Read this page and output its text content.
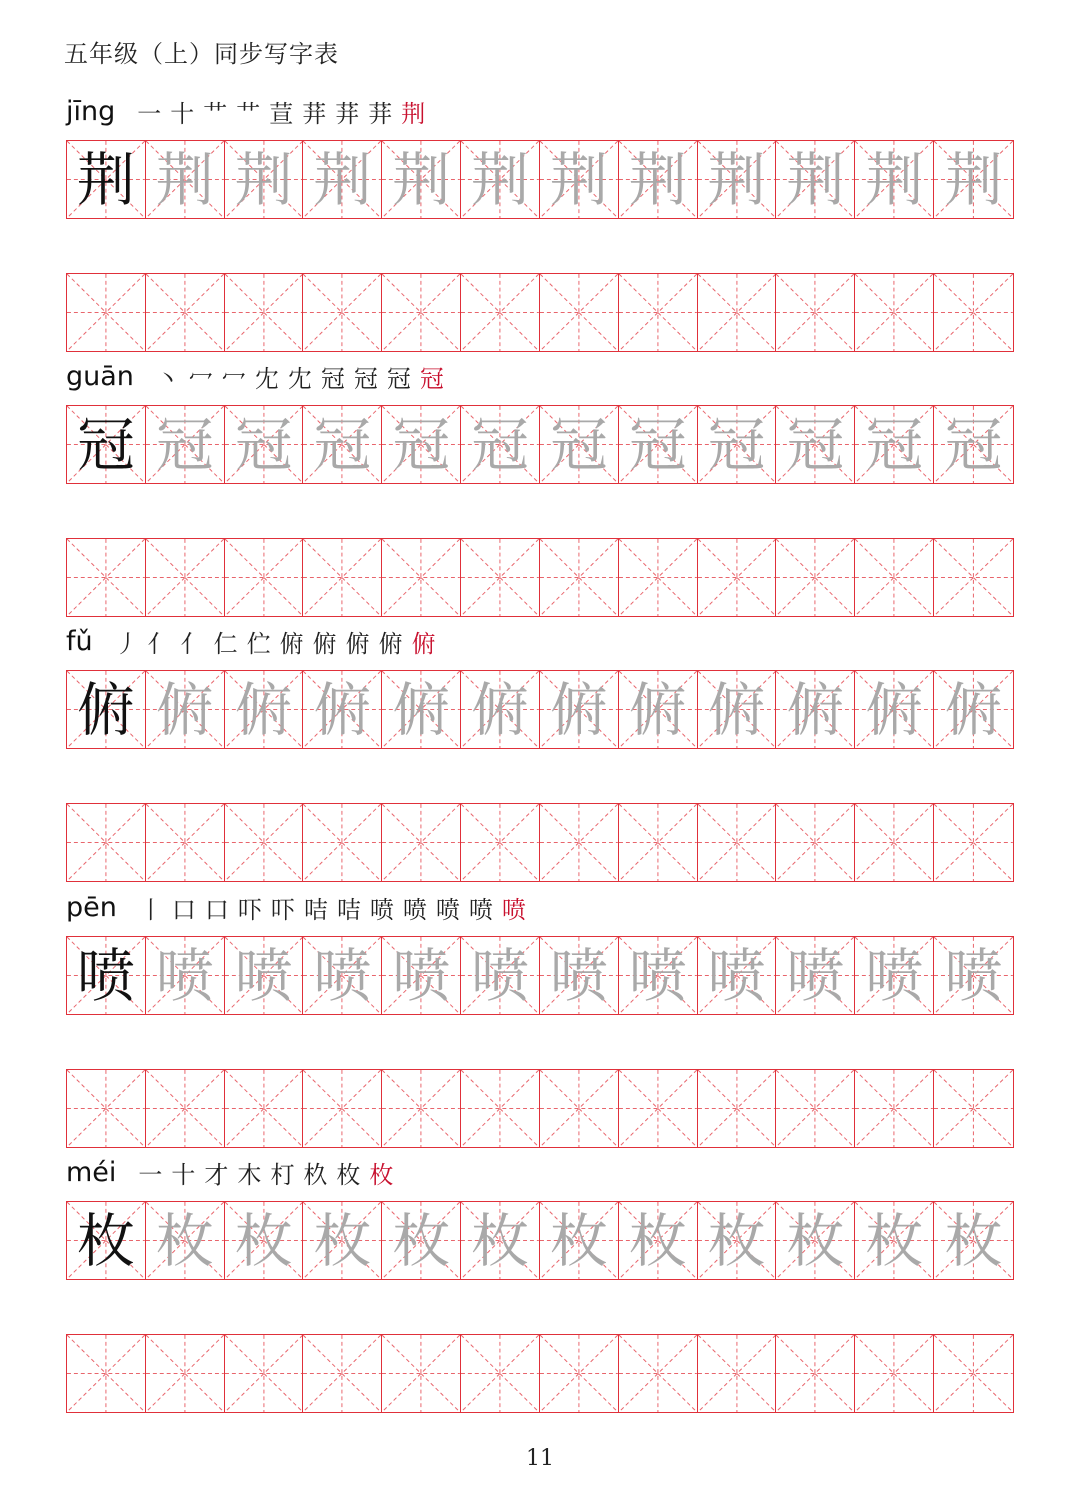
五年级（上）同步写字表
jīng 一 十 艹 艹 荁 荓 荓 荓 荆
荆 荆 荆 荆 荆 荆 荆 荆 荆 荆 荆 荆
guān 丶 冖 冖 冘 冘 冠 冠 冠 冠
冠 冠 冠 冠 冠 冠 冠 冠 冠 冠 冠 冠
fǔ 丿 亻 亻 仁 伫 俯 俯 俯 俯 俯
俯 俯 俯 俯 俯 俯 俯 俯 俯 俯 俯 俯
pēn 丨 口 口 吓 吓 咭 咭 喷 喷 喷 喷 喷
喷 喷 喷 喷 喷 喷 喷 喷 喷 喷 喷 喷
méi 一 十 才 木 朾 杦 枚 枚
枚 枚 枚 枚 枚 枚 枚 枚 枚 枚 枚 枚
11
